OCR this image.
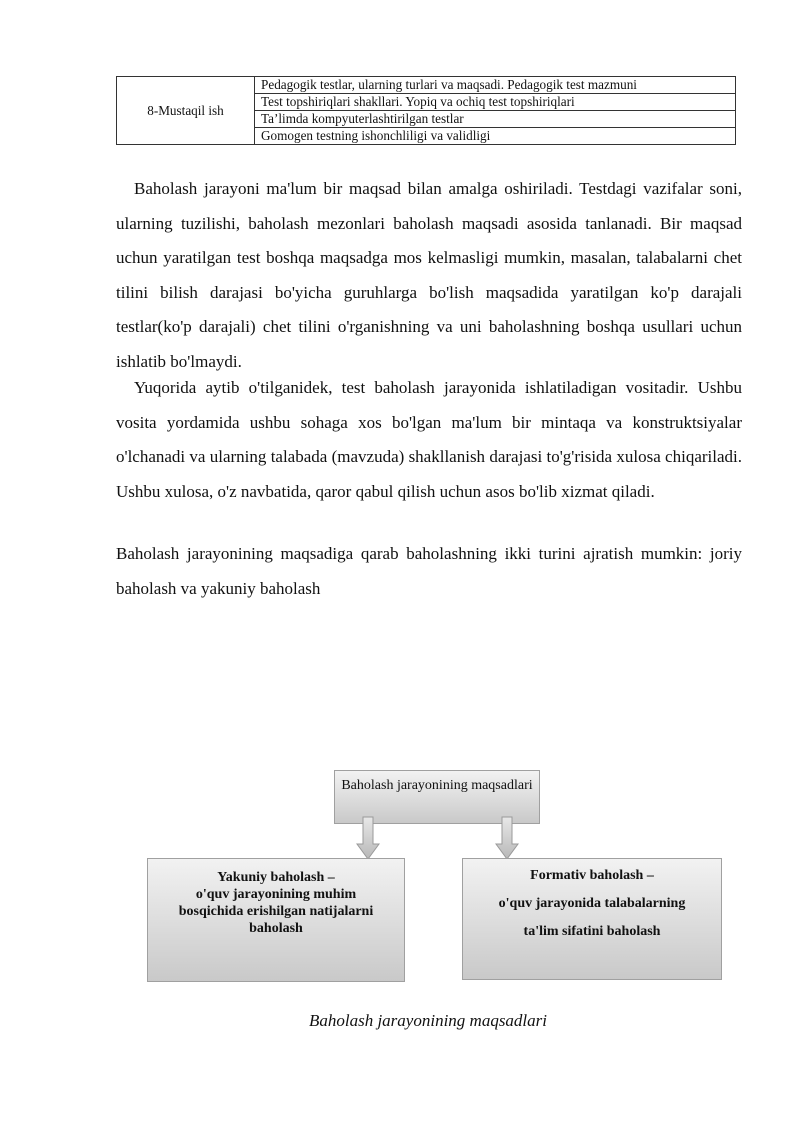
8-Mustaqil ish	Pedagogik testlar, ularning turlari va maqsadi. Pedagogik test mazmuni
Test topshiriqlari shakllari. Yopiq va ochiq test topshiriqlari
Ta’limda kompyuterlashtirilgan testlar
Gomogen testning ishonchliligi va validligi
Baholash jarayoni ma'lum bir maqsad bilan amalga oshiriladi. Testdagi vazifalar soni, ularning tuzilishi, baholash mezonlari baholash maqsadi asosida tanlanadi. Bir maqsad uchun yaratilgan test boshqa maqsadga mos kelmasligi mumkin, masalan, talabalarni chet tilini bilish darajasi bo'yicha guruhlarga bo'lish maqsadida yaratilgan ko'p darajali testlar(ko'p darajali) chet tilini o'rganishning va uni baholashning boshqa usullari uchun ishlatib bo'lmaydi.
Yuqorida aytib o'tilganidek, test baholash jarayonida ishlatiladigan vositadir. Ushbu vosita yordamida ushbu sohaga xos bo'lgan ma'lum bir mintaqa va konstruktsiyalar o'lchanadi va ularning talabada (mavzuda) shakllanish darajasi to'g'risida xulosa chiqariladi. Ushbu xulosa, o'z navbatida, qaror qabul qilish uchun asos bo'lib xizmat qiladi.
Baholash jarayonining maqsadiga qarab baholashning ikki turini ajratish mumkin: joriy baholash va yakuniy baholash
Baholash jarayonining maqsadlari
Yakuniy baholash –
o'quv jarayonining muhim bosqichida erishilgan natijalarni baholash
Formativ baholash –
o'quv jarayonida talabalarning
ta'lim sifatini baholash
Baholash jarayonining maqsadlari
